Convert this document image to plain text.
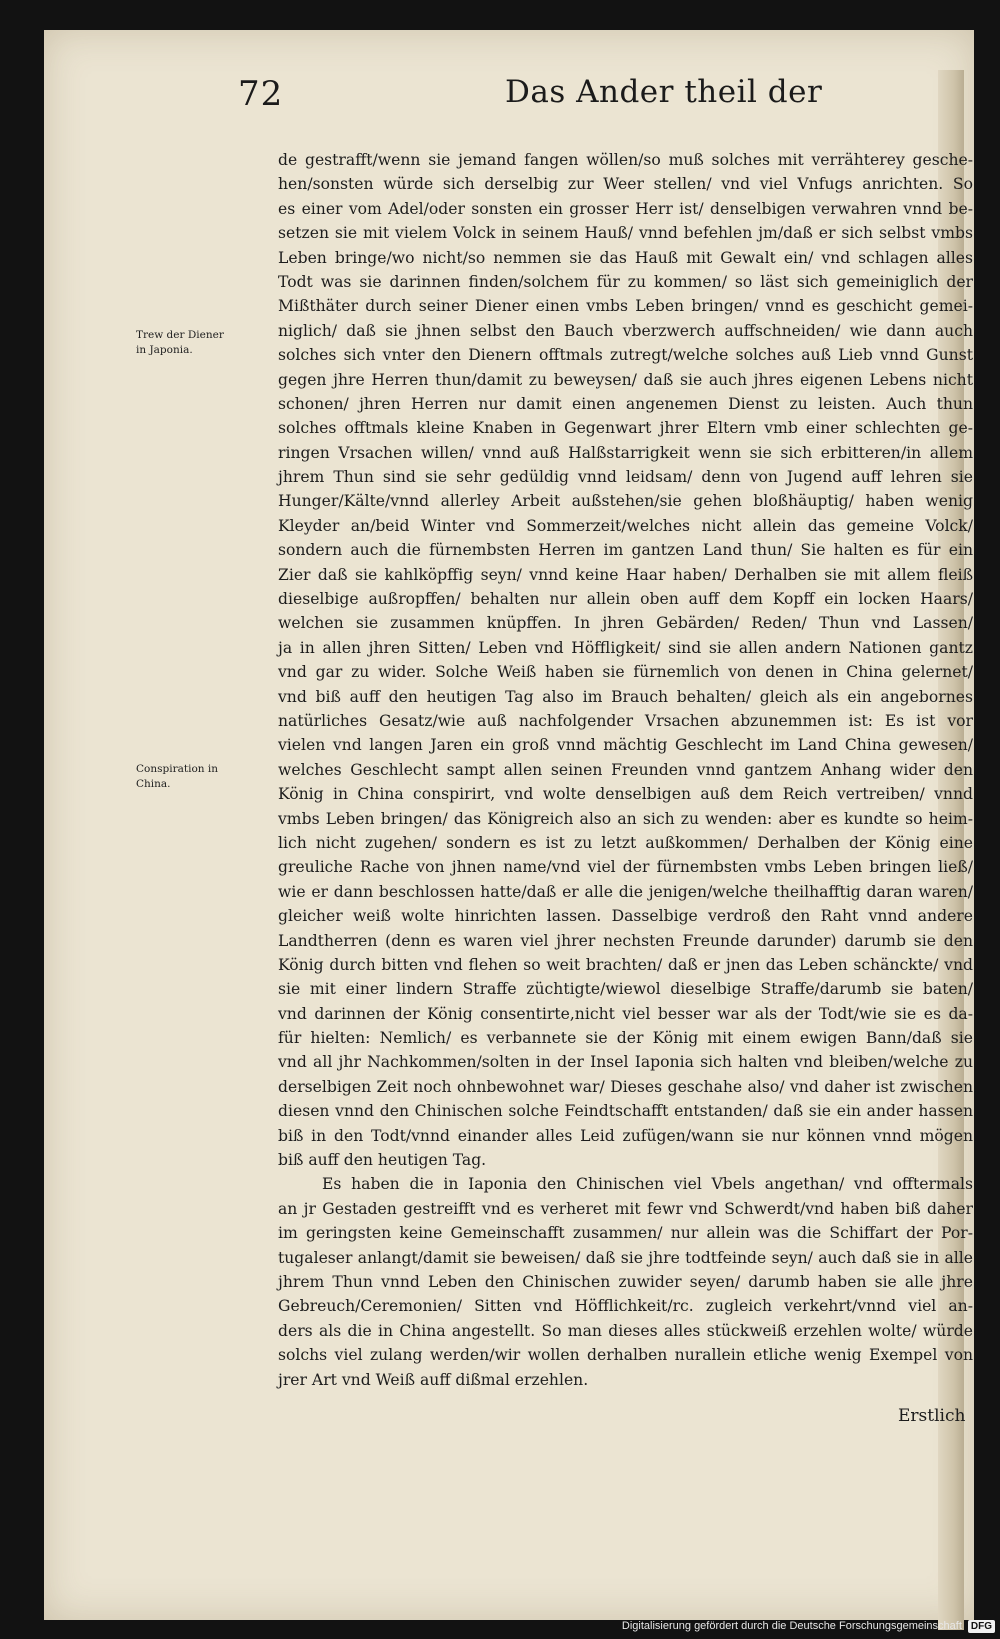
72	Das Ander theil der
Trew der Diener
in Japonia.
Conspiration in
China.
de gestrafft/wenn sie jemand fangen wöllen/so muß solches mit verrähterey gesche-
hen/sonsten würde sich derselbig zur Weer stellen/ vnd viel Vnfugs anrichten. So
es einer vom Adel/oder sonsten ein grosser Herr ist/ denselbigen verwahren vnnd be-
setzen sie mit vielem Volck in seinem Hauß/ vnnd befehlen jm/daß er sich selbst vmbs
Leben bringe/wo nicht/so nemmen sie das Hauß mit Gewalt ein/ vnd schlagen alles
Todt was sie darinnen finden/solchem für zu kommen/ so läst sich gemeiniglich der
Mißthäter durch seiner Diener einen vmbs Leben bringen/ vnnd es geschicht gemei-
niglich/ daß sie jhnen selbst den Bauch vberzwerch auffschneiden/ wie dann auch
solches sich vnter den Dienern offtmals zutregt/welche solches auß Lieb vnnd Gunst
gegen jhre Herren thun/damit zu beweysen/ daß sie auch jhres eigenen Lebens nicht
schonen/ jhren Herren nur damit einen angenemen Dienst zu leisten. Auch thun
solches offtmals kleine Knaben in Gegenwart jhrer Eltern vmb einer schlechten ge-
ringen Vrsachen willen/ vnnd auß Halßstarrigkeit wenn sie sich erbitteren/in allem
jhrem Thun sind sie sehr gedüldig vnnd leidsam/ denn von Jugend auff lehren sie
Hunger/Kälte/vnnd allerley Arbeit außstehen/sie gehen bloßhäuptig/ haben wenig
Kleyder an/beid Winter vnd Sommerzeit/welches nicht allein das gemeine Volck/
sondern auch die fürnembsten Herren im gantzen Land thun/ Sie halten es für ein
Zier daß sie kahlköpffig seyn/ vnnd keine Haar haben/ Derhalben sie mit allem fleiß
dieselbige außropffen/ behalten nur allein oben auff dem Kopff ein locken Haars/
welchen sie zusammen knüpffen. In jhren Gebärden/ Reden/ Thun vnd Lassen/
ja in allen jhren Sitten/ Leben vnd Höffligkeit/ sind sie allen andern Nationen gantz
vnd gar zu wider. Solche Weiß haben sie fürnemlich von denen in China gelernet/
vnd biß auff den heutigen Tag also im Brauch behalten/ gleich als ein angebornes
natürliches Gesatz/wie auß nachfolgender Vrsachen abzunemmen ist: Es ist vor
vielen vnd langen Jaren ein groß vnnd mächtig Geschlecht im Land China gewesen/
welches Geschlecht sampt allen seinen Freunden vnnd gantzem Anhang wider den
König in China conspirirt, vnd wolte denselbigen auß dem Reich vertreiben/ vnnd
vmbs Leben bringen/ das Königreich also an sich zu wenden: aber es kundte so heim-
lich nicht zugehen/ sondern es ist zu letzt außkommen/ Derhalben der König eine
greuliche Rache von jhnen name/vnd viel der fürnembsten vmbs Leben bringen ließ/
wie er dann beschlossen hatte/daß er alle die jenigen/welche theilhafftig daran waren/
gleicher weiß wolte hinrichten lassen. Dasselbige verdroß den Raht vnnd andere
Landtherren (denn es waren viel jhrer nechsten Freunde darunder) darumb sie den
König durch bitten vnd flehen so weit brachten/ daß er jnen das Leben schänckte/ vnd
sie mit einer lindern Straffe züchtigte/wiewol dieselbige Straffe/darumb sie baten/
vnd darinnen der König consentirte,nicht viel besser war als der Todt/wie sie es da-
für hielten: Nemlich/ es verbannete sie der König mit einem ewigen Bann/daß sie
vnd all jhr Nachkommen/solten in der Insel Iaponia sich halten vnd bleiben/welche zu
derselbigen Zeit noch ohnbewohnet war/ Dieses geschahe also/ vnd daher ist zwischen
diesen vnnd den Chinischen solche Feindtschafft entstanden/ daß sie ein ander hassen
biß in den Todt/vnnd einander alles Leid zufügen/wann sie nur können vnnd mögen
biß auff den heutigen Tag.
Es haben die in Iaponia den Chinischen viel Vbels angethan/ vnd offtermals
an jr Gestaden gestreifft vnd es verheret mit fewr vnd Schwerdt/vnd haben biß daher
im geringsten keine Gemeinschafft zusammen/ nur allein was die Schiffart der Por-
tugaleser anlangt/damit sie beweisen/ daß sie jhre todtfeinde seyn/ auch daß sie in alle
jhrem Thun vnnd Leben den Chinischen zuwider seyen/ darumb haben sie alle jhre
Gebreuch/Ceremonien/ Sitten vnd Höfflichkeit/rc. zugleich verkehrt/vnnd viel an-
ders als die in China angestellt. So man dieses alles stückweiß erzehlen wolte/ würde
solchs viel zulang werden/wir wollen derhalben nurallein etliche wenig Exempel von
jrer Art vnd Weiß auff dißmal erzehlen.
Erstlich
Digitalisierung gefördert durch die Deutsche Forschungsgemeinschaft DFG
